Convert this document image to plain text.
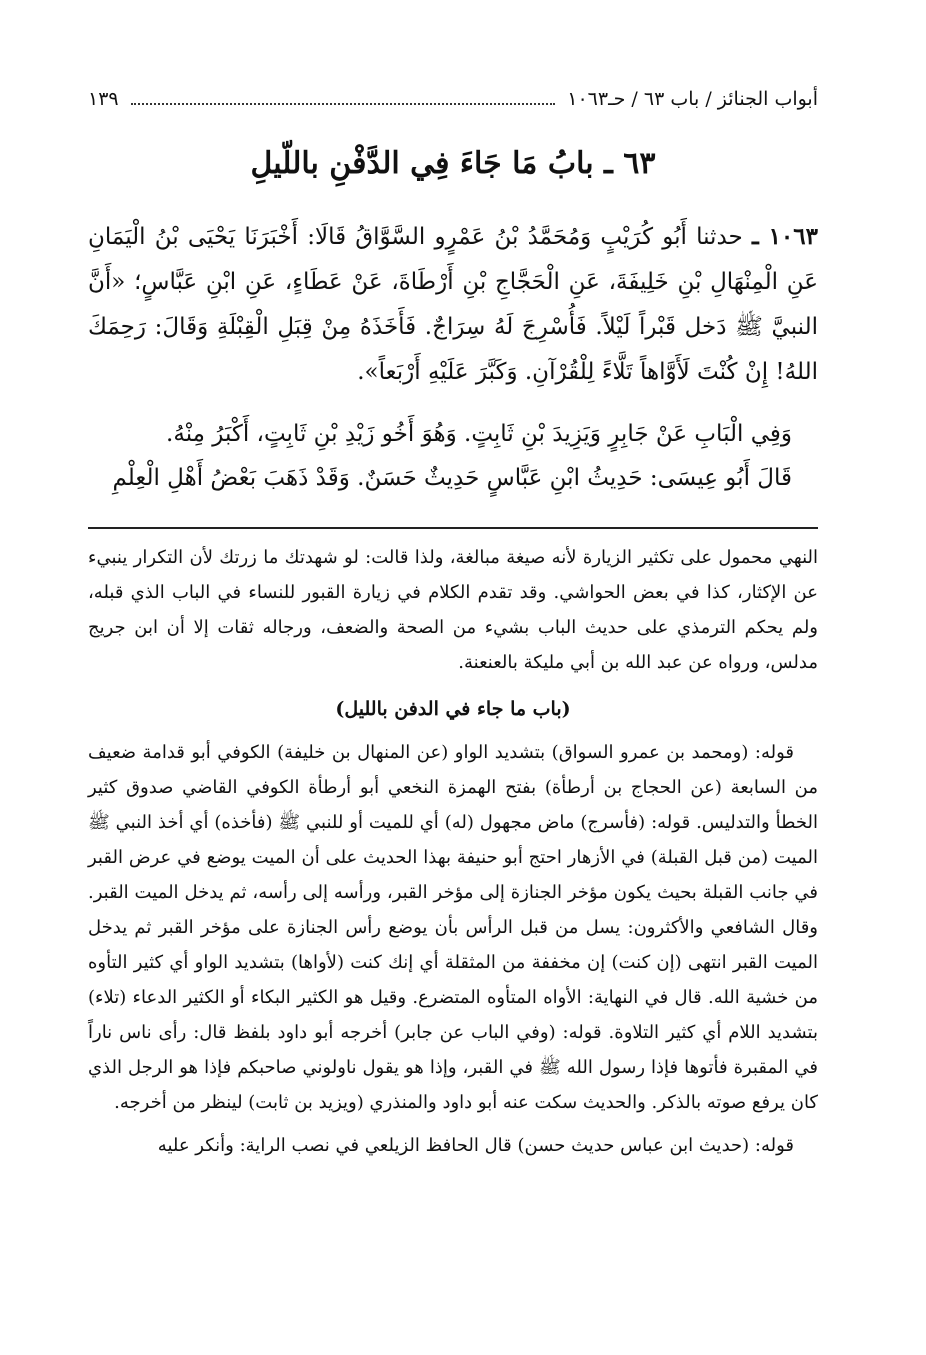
أبواب الجنائز / باب ٦٣ / حـ١٠٦٣
١٣٩
٦٣ ـ بابُ مَا جَاءَ فِي الدَّفْنِ باللّيلِ
١٠٦٣ ـ حدثنا أَبُو كُرَيْبٍ وَمُحَمَّدُ بْنُ عَمْرٍو السَّوَّاقُ قَالَا: أَخْبَرَنَا يَحْيَى بْنُ الْيَمَانِ عَنِ الْمِنْهَالِ بْنِ خَلِيفَةَ، عَنِ الْحَجَّاجِ بْنِ أَرْطَاةَ، عَنْ عَطَاءٍ، عَنِ ابْنِ عَبَّاسٍ؛ «أَنَّ النبيَّ ﷺ دَخل قَبْراً لَيْلاً. فَأُسْرِجَ لَهُ سِرَاجٌ. فَأَخَذَهُ مِنْ قِبَلِ الْقِبْلَةِ وَقَالَ: رَحِمَكَ اللهُ! إِنْ كُنْتَ لَأَوَّاهاً تَلَّاءً لِلْقُرْآنِ. وَكَبَّرَ عَلَيْهِ أَرْبَعاً».

وَفِي الْبَابِ عَنْ جَابِرٍ وَيَزِيدَ بْنِ ثَابِتٍ. وَهُوَ أَخُو زَيْدِ بْنِ ثَابِتٍ، أَكْبَرُ مِنْهُ.

قَالَ أَبُو عِيسَى: حَدِيثُ ابْنِ عَبَّاسٍ حَدِيثٌ حَسَنٌ. وَقَدْ ذَهَبَ بَعْضُ أَهْلِ الْعِلْمِ

النهي محمول على تكثير الزيارة لأنه صيغة مبالغة، ولذا قالت: لو شهدتك ما زرتك لأن التكرار ينبيء عن الإكثار، كذا في بعض الحواشي. وقد تقدم الكلام في زيارة القبور للنساء في الباب الذي قبله، ولم يحكم الترمذي على حديث الباب بشيء من الصحة والضعف، ورجاله ثقات إلا أن ابن جريج مدلس، ورواه عن عبد الله بن أبي مليكة بالعنعنة.

(باب ما جاء في الدفن بالليل)

قوله: (ومحمد بن عمرو السواق) بتشديد الواو (عن المنهال بن خليفة) الكوفي أبو قدامة ضعيف من السابعة (عن الحجاج بن أرطأة) بفتح الهمزة النخعي أبو أرطأة الكوفي القاضي صدوق كثير الخطأ والتدليس. قوله: (فأسرج) ماض مجهول (له) أي للميت أو للنبي ﷺ (فأخذه) أي أخذ النبي ﷺ الميت (من قبل القبلة) في الأزهار احتج أبو حنيفة بهذا الحديث على أن الميت يوضع في عرض القبر في جانب القبلة بحيث يكون مؤخر الجنازة إلى مؤخر القبر، ورأسه إلى رأسه، ثم يدخل الميت القبر. وقال الشافعي والأكثرون: يسل من قبل الرأس بأن يوضع رأس الجنازة على مؤخر القبر ثم يدخل الميت القبر انتهى (إن كنت) إن مخففة من المثقلة أي إنك كنت (لأواها) بتشديد الواو أي كثير التأوه من خشية الله. قال في النهاية: الأواه المتأوه المتضرع. وقيل هو الكثير البكاء أو الكثير الدعاء (تلاء) بتشديد اللام أي كثير التلاوة. قوله: (وفي الباب عن جابر) أخرجه أبو داود بلفظ قال: رأى ناس ناراً في المقبرة فأتوها فإذا رسول الله ﷺ في القبر، وإذا هو يقول ناولوني صاحبكم فإذا هو الرجل الذي كان يرفع صوته بالذكر. والحديث سكت عنه أبو داود والمنذري (ويزيد بن ثابت) لينظر من أخرجه.

قوله: (حديث ابن عباس حديث حسن) قال الحافظ الزيلعي في نصب الراية: وأنكر عليه
